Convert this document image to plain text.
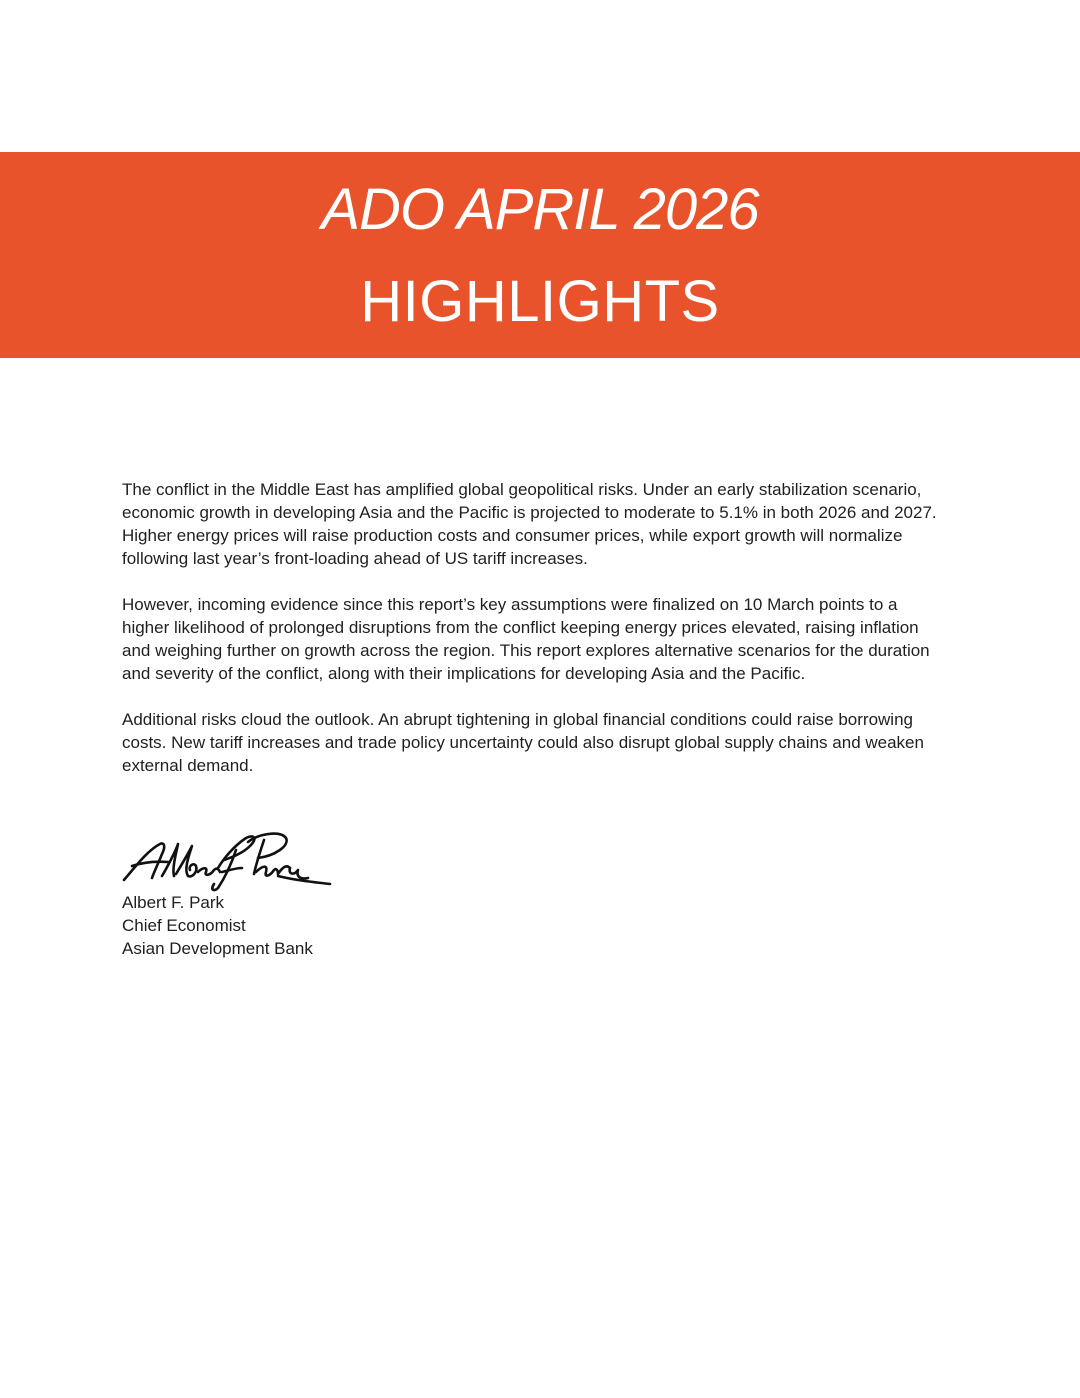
ADO APRIL 2026
HIGHLIGHTS

The conflict in the Middle East has amplified global geopolitical risks. Under an early stabilization scenario, economic growth in developing Asia and the Pacific is projected to moderate to 5.1% in both 2026 and 2027. Higher energy prices will raise production costs and consumer prices, while export growth will normalize following last year’s front-loading ahead of US tariff increases.

However, incoming evidence since this report’s key assumptions were finalized on 10 March points to a higher likelihood of prolonged disruptions from the conflict keeping energy prices elevated, raising inflation and weighing further on growth across the region. This report explores alternative scenarios for the duration and severity of the conflict, along with their implications for developing Asia and the Pacific.

Additional risks cloud the outlook. An abrupt tightening in global financial conditions could raise borrowing costs. New tariff increases and trade policy uncertainty could also disrupt global supply chains and weaken external demand.

Albert F. Park
Chief Economist
Asian Development Bank
